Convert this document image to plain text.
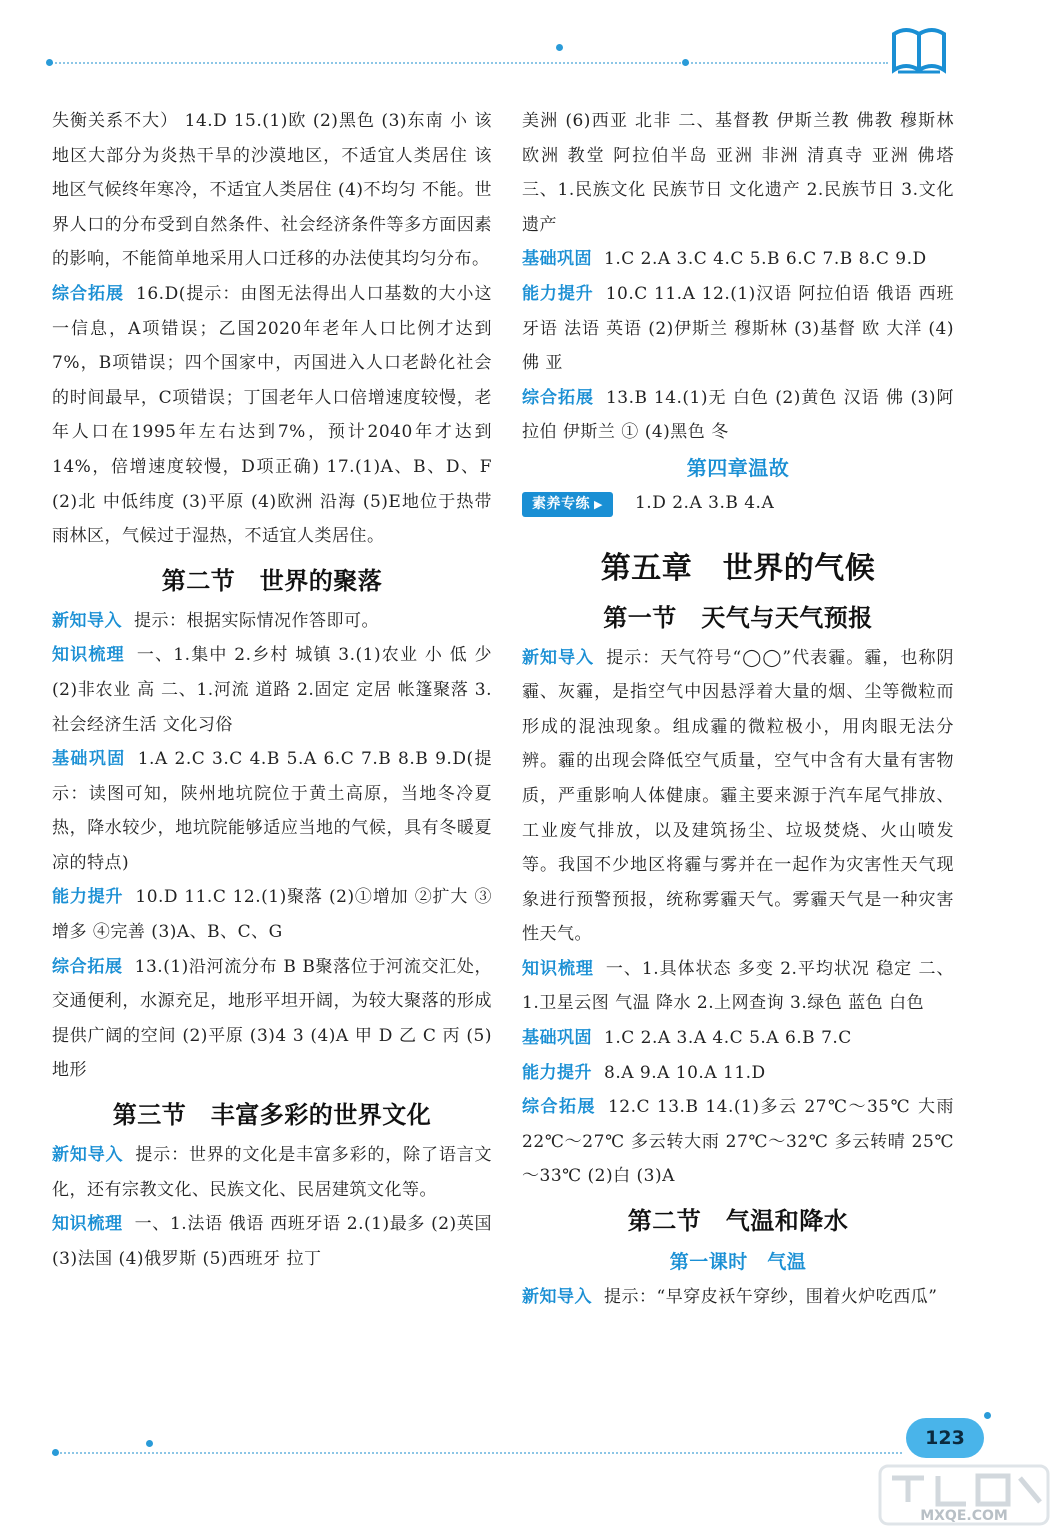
失衡关系不大） 14.D 15.(1)欧 (2)黑色 (3)东南 小 该地区大部分为炎热干旱的沙漠地区，不适宜人类居住 该地区气候终年寒冷，不适宜人类居住 (4)不均匀 不能。世界人口的分布受到自然条件、社会经济条件等多方面因素的影响，不能简单地采用人口迁移的办法使其均匀分布。

综合拓展 16.D(提示：由图无法得出人口基数的大小这一信息，A项错误；乙国2020年老年人口比例才达到7%，B项错误；四个国家中，丙国进入人口老龄化社会的时间最早，C项错误；丁国老年人口倍增速度较慢，老年人口在1995年左右达到7%，预计2040年才达到14%，倍增速度较慢，D项正确) 17.(1)A、B、D、F (2)北 中低纬度 (3)平原 (4)欧洲 沿海 (5)E地位于热带雨林区，气候过于湿热，不适宜人类居住。

第二节　世界的聚落

新知导入 提示：根据实际情况作答即可。

知识梳理 一、1.集中 2.乡村 城镇 3.(1)农业 小 低 少 (2)非农业 高 二、1.河流 道路 2.固定 定居 帐篷聚落 3.社会经济生活 文化习俗

基础巩固 1.A 2.C 3.C 4.B 5.A 6.C 7.B 8.B 9.D(提示：读图可知，陕州地坑院位于黄土高原，当地冬冷夏热，降水较少，地坑院能够适应当地的气候，具有冬暖夏凉的特点)

能力提升 10.D 11.C 12.(1)聚落 (2)①增加 ②扩大 ③增多 ④完善 (3)A、B、C、G

综合拓展 13.(1)沿河流分布 B B聚落位于河流交汇处，交通便利，水源充足，地形平坦开阔，为较大聚落的形成提供广阔的空间 (2)平原 (3)4 3 (4)A 甲 D 乙 C 丙 (5)地形

第三节　丰富多彩的世界文化

新知导入 提示：世界的文化是丰富多彩的，除了语言文化，还有宗教文化、民族文化、民居建筑文化等。

知识梳理 一、1.法语 俄语 西班牙语 2.(1)最多 (2)英国 (3)法国 (4)俄罗斯 (5)西班牙 拉丁

美洲 (6)西亚 北非 二、基督教 伊斯兰教 佛教 穆斯林 欧洲 教堂 阿拉伯半岛 亚洲 非洲 清真寺 亚洲 佛塔 三、1.民族文化 民族节日 文化遗产 2.民族节日 3.文化遗产

基础巩固 1.C 2.A 3.C 4.C 5.B 6.C 7.B 8.C 9.D

能力提升 10.C 11.A 12.(1)汉语 阿拉伯语 俄语 西班牙语 法语 英语 (2)伊斯兰 穆斯林 (3)基督 欧 大洋 (4)佛 亚

综合拓展 13.B 14.(1)无 白色 (2)黄色 汉语 佛 (3)阿拉伯 伊斯兰 ① (4)黑色 冬

第四章温故

素养专练 ▶ 1.D 2.A 3.B 4.A

第五章　世界的气候
第一节　天气与天气预报

新知导入 提示：天气符号“◯◯”代表霾。霾，也称阴霾、灰霾，是指空气中因悬浮着大量的烟、尘等微粒而形成的混浊现象。组成霾的微粒极小，用肉眼无法分辨。霾的出现会降低空气质量，空气中含有大量有害物质，严重影响人体健康。霾主要来源于汽车尾气排放、工业废气排放，以及建筑扬尘、垃圾焚烧、火山喷发等。我国不少地区将霾与雾并在一起作为灾害性天气现象进行预警预报，统称雾霾天气。雾霾天气是一种灾害性天气。

知识梳理 一、1.具体状态 多变 2.平均状况 稳定 二、1.卫星云图 气温 降水 2.上网查询 3.绿色 蓝色 白色

基础巩固 1.C 2.A 3.A 4.C 5.A 6.B 7.C

能力提升 8.A 9.A 10.A 11.D

综合拓展 12.C 13.B 14.(1)多云 27℃～35℃ 大雨 22℃～27℃ 多云转大雨 27℃～32℃ 多云转晴 25℃～33℃ (2)白 (3)A

第二节　气温和降水
第一课时　气温

新知导入 提示：“早穿皮袄午穿纱，围着火炉吃西瓜”

123
MXQE.COM
